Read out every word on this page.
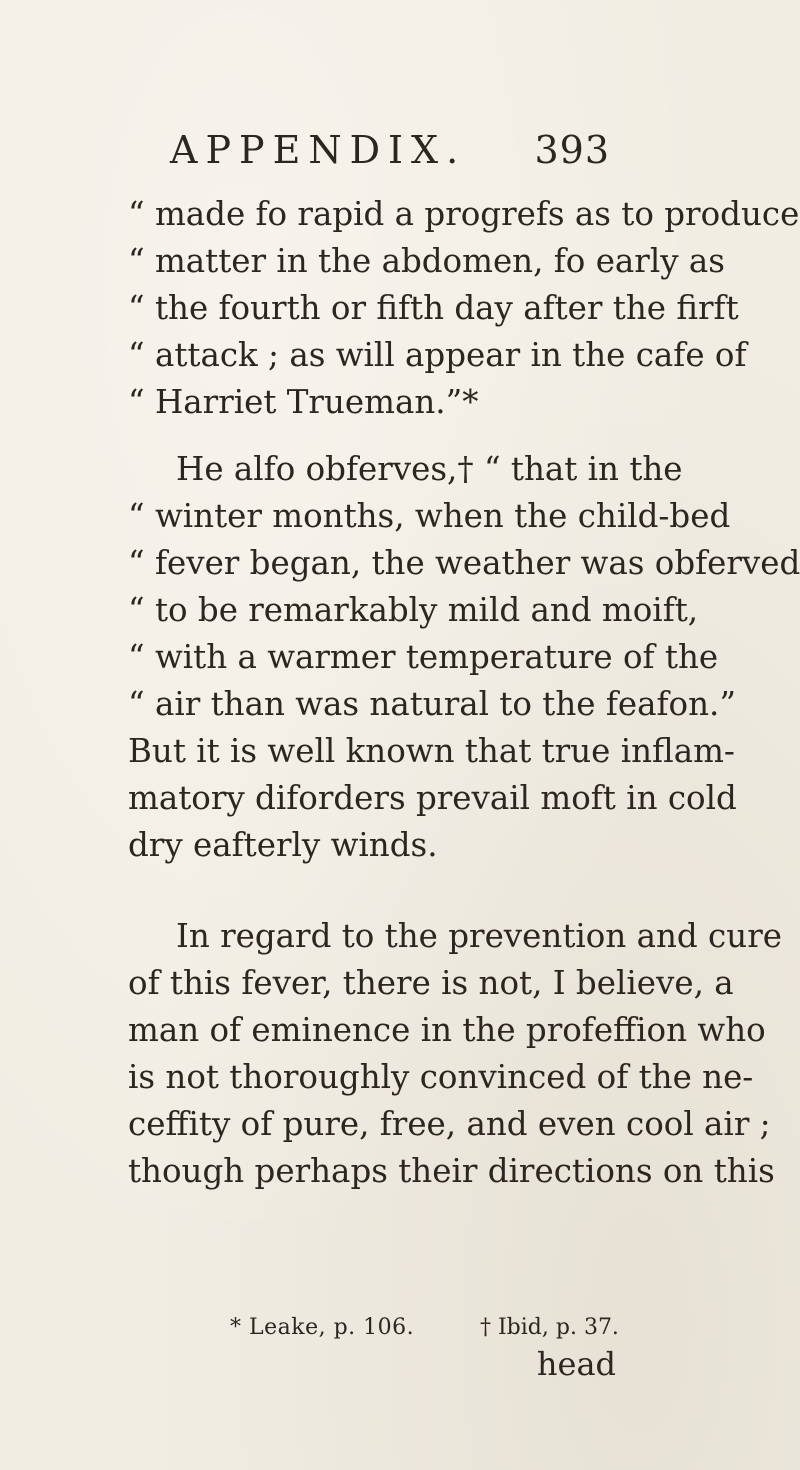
APPENDIX. 393
“ made fo rapid a progrefs as to produce
“ matter in the abdomen, fo early as
“ the fourth or fifth day after the firft
“ attack ; as will appear in the cafe of
“ Harriet Trueman.”*
He alfo obferves,† “ that in the
“ winter months, when the child-bed
“ fever began, the weather was obferved
“ to be remarkably mild and moift,
“ with a warmer temperature of the
“ air than was natural to the feafon.”
But it is well known that true inflam-
matory diforders prevail moft in cold
dry eafterly winds.
In regard to the prevention and cure
of this fever, there is not, I believe, a
man of eminence in the profeffion who
is not thoroughly convinced of the ne-
ceffity of pure, free, and even cool air ;
though perhaps their directions on this
* Leake, p. 106.	† Ibid, p. 37.
head
